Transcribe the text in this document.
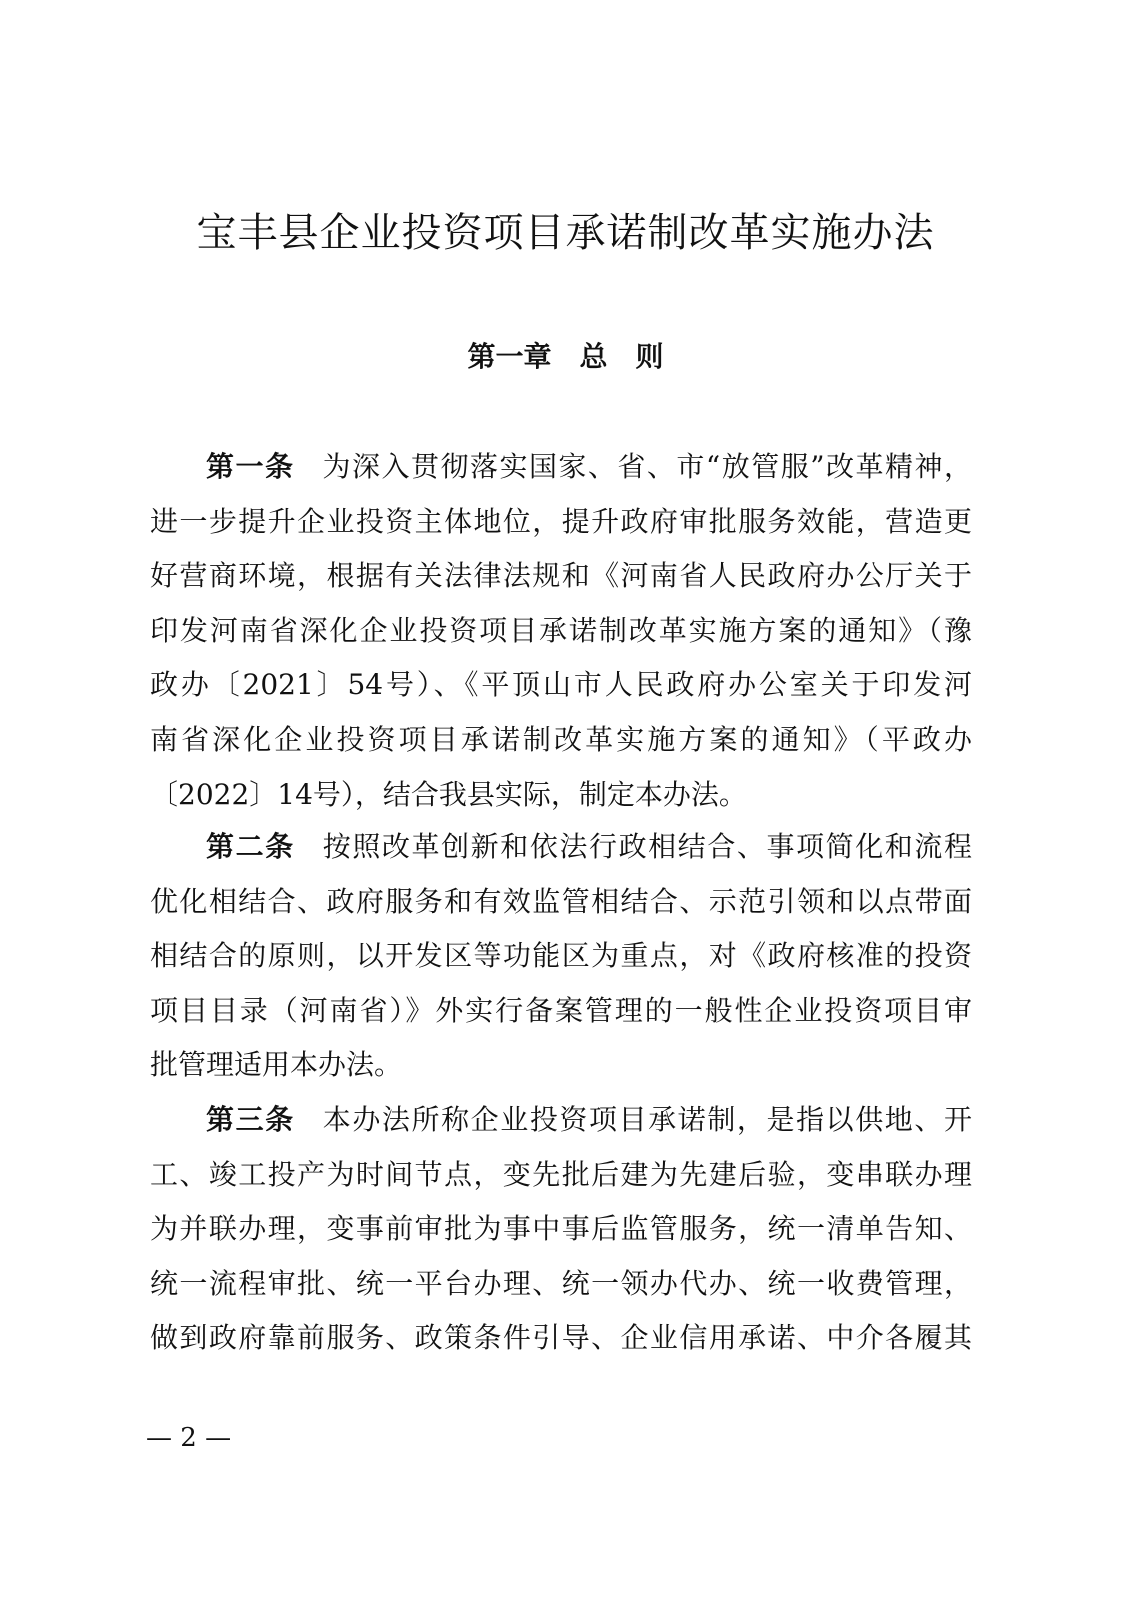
宝丰县企业投资项目承诺制改革实施办法
第一章　总　则
第一条 为深入贯彻落实国家、省、市“放管服”改革精神，
进一步提升企业投资主体地位，提升政府审批服务效能，营造更
好营商环境，根据有关法律法规和《河南省人民政府办公厅关于
印发河南省深化企业投资项目承诺制改革实施方案的通知》（豫
政办〔2021〕54号）、《平顶山市人民政府办公室关于印发河
南省深化企业投资项目承诺制改革实施方案的通知》（平政办
〔2022〕14号），结合我县实际，制定本办法。
第二条 按照改革创新和依法行政相结合、事项简化和流程
优化相结合、政府服务和有效监管相结合、示范引领和以点带面
相结合的原则，以开发区等功能区为重点，对《政府核准的投资
项目目录（河南省）》外实行备案管理的一般性企业投资项目审
批管理适用本办法。
第三条 本办法所称企业投资项目承诺制，是指以供地、开
工、竣工投产为时间节点，变先批后建为先建后验，变串联办理
为并联办理，变事前审批为事中事后监管服务，统一清单告知、
统一流程审批、统一平台办理、统一领办代办、统一收费管理，
做到政府靠前服务、政策条件引导、企业信用承诺、中介各履其
— 2 —
